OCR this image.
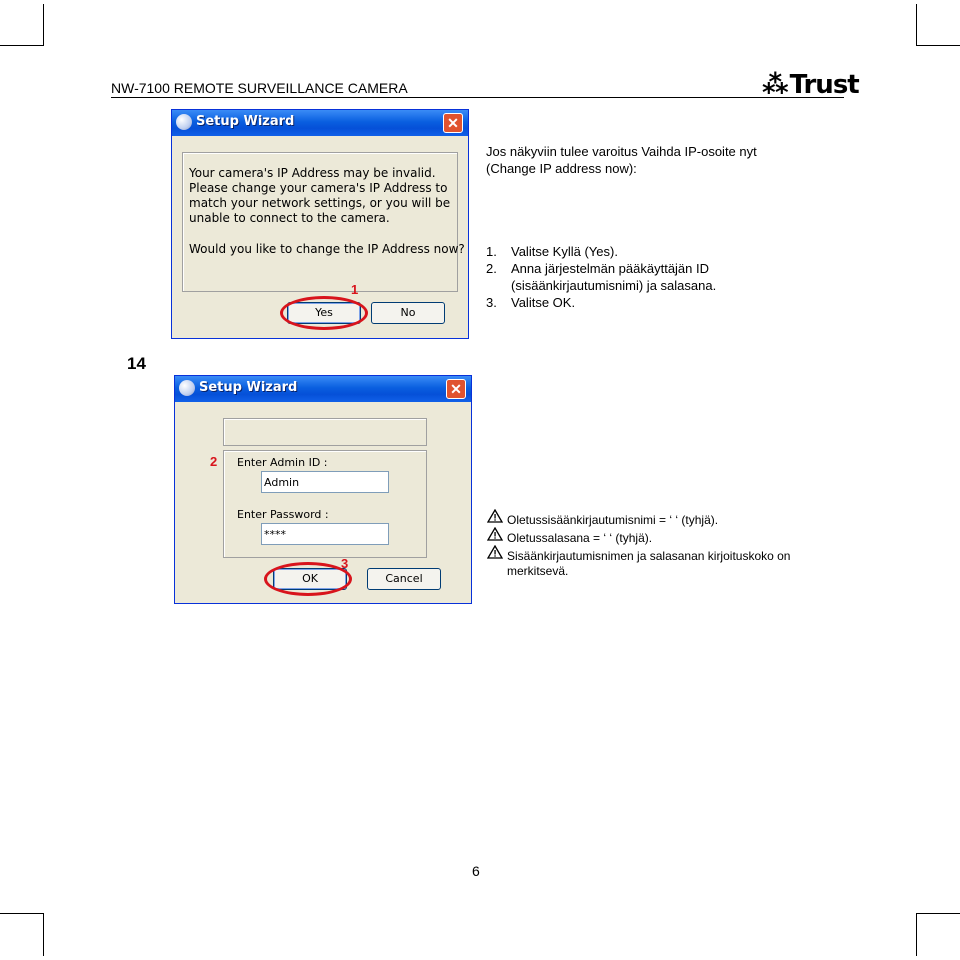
NW-7100 REMOTE SURVEILLANCE CAMERA	⁂Trust
Setup Wizard	✕
Your camera's IP Address may be invalid.
Please change your camera's IP Address to
match your network settings, or you will be
unable to connect to the camera.
Would you like to change the IP Address now?
Yes	No
1
Jos näkyviin tulee varoitus Vaihda IP-osoite nyt
(Change IP address now):
1. Valitse Kyllä (Yes).
2. Anna järjestelmän pääkäyttäjän ID
(sisäänkirjautumisnimi) ja salasana.
3. Valitse OK.
14
Setup Wizard	✕
Enter Admin ID :
Admin
Enter Password :
****
OK	Cancel
2
3
Oletussisäänkirjautumisnimi = ‘ ‘ (tyhjä).
Oletussalasana = ‘ ‘ (tyhjä).
Sisäänkirjautumisnimen ja salasanan kirjoituskoko on
merkitsevä.
6
